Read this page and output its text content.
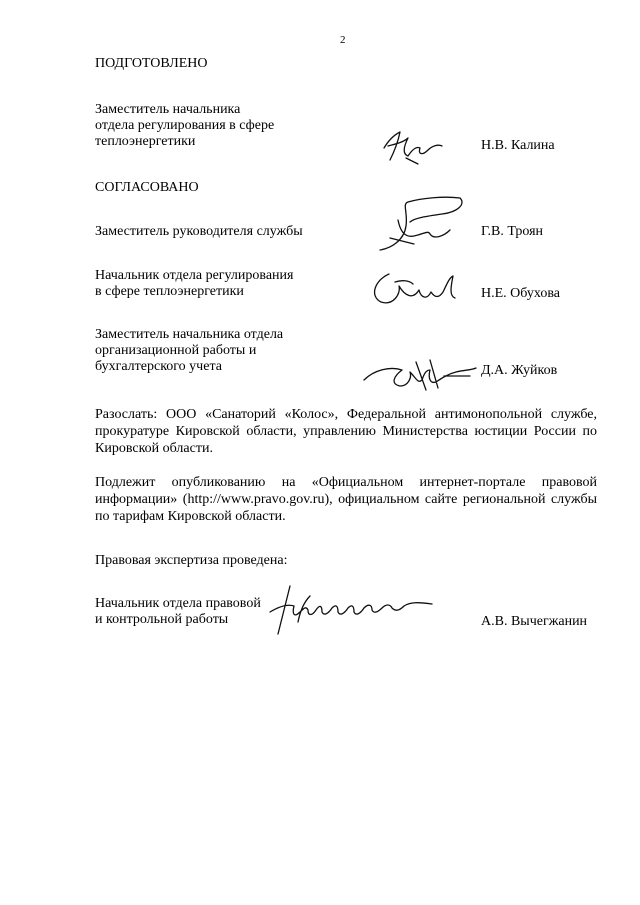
2
ПОДГОТОВЛЕНО
Заместитель начальника
отдела регулирования в сфере
теплоэнергетики	Н.В. Калина
СОГЛАСОВАНО
Заместитель руководителя службы	Г.В. Троян
Начальник отдела регулирования
в сфере теплоэнергетики	Н.Е. Обухова
Заместитель начальника отдела
организационной работы и
бухгалтерского учета	Д.А. Жуйков
Разослать: ООО «Санаторий «Колос», Федеральной антимонопольной службе, прокуратуре Кировской области, управлению Министерства юстиции России по Кировской области.
Подлежит опубликованию на «Официальном интернет-портале правовой информации» (http://www.pravo.gov.ru), официальном сайте региональной службы по тарифам Кировской области.
Правовая экспертиза проведена:
Начальник отдела правовой
и контрольной работы	А.В. Вычегжанин
